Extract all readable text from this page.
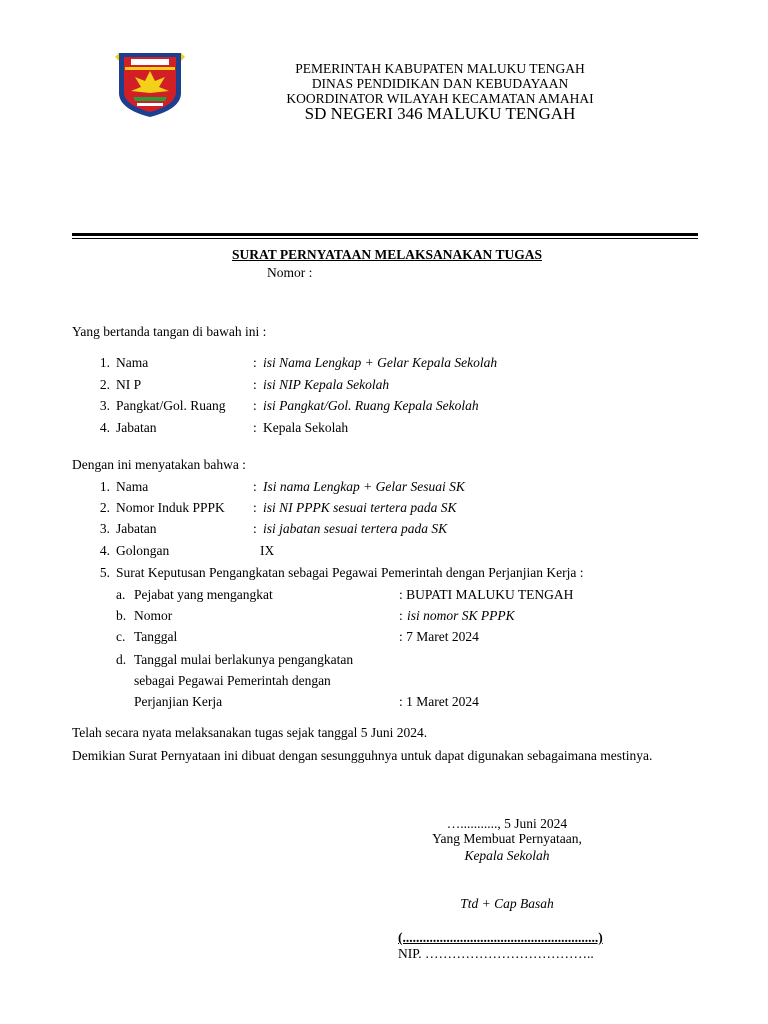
PEMERINTAH KABUPATEN MALUKU TENGAH
DINAS PENDIDIKAN DAN KEBUDAYAAN
KOORDINATOR WILAYAH KECAMATAN AMAHAI
SD NEGERI 346 MALUKU TENGAH
SURAT PERNYATAAN MELAKSANAKAN TUGAS
Nomor :
Yang bertanda tangan di bawah ini :
1. Nama	: isi Nama Lengkap + Gelar Kepala Sekolah
2. NI P	: isi NIP Kepala Sekolah
3. Pangkat/Gol. Ruang : isi Pangkat/Gol. Ruang Kepala Sekolah
4. Jabatan	: Kepala Sekolah
Dengan ini menyatakan bahwa :
1. Nama	: Isi nama Lengkap + Gelar Sesuai SK
2. Nomor Induk PPPK : isi NI PPPK sesuai tertera pada SK
3. Jabatan	: isi jabatan sesuai tertera pada SK
4. Golongan	IX
5. Surat Keputusan Pengangkatan sebagai Pegawai Pemerintah dengan Perjanjian Kerja :
a. Pejabat yang mengangkat	: BUPATI MALUKU TENGAH
b. Nomor	: isi nomor SK PPPK
c. Tanggal	: 7 Maret 2024
d. Tanggal mulai berlakunya pengangkatan
sebagai Pegawai Pemerintah dengan
Perjanjian Kerja	: 1 Maret 2024
Telah secara nyata melaksanakan tugas sejak tanggal 5 Juni 2024.
Demikian Surat Pernyataan ini dibuat dengan sesungguhnya untuk dapat digunakan sebagaimana mestinya.
…..........., 5 Juni 2024
Yang Membuat Pernyataan,
Kepala Sekolah
Ttd + Cap Basah
(..........................................................)
NIP. ………………………………..
